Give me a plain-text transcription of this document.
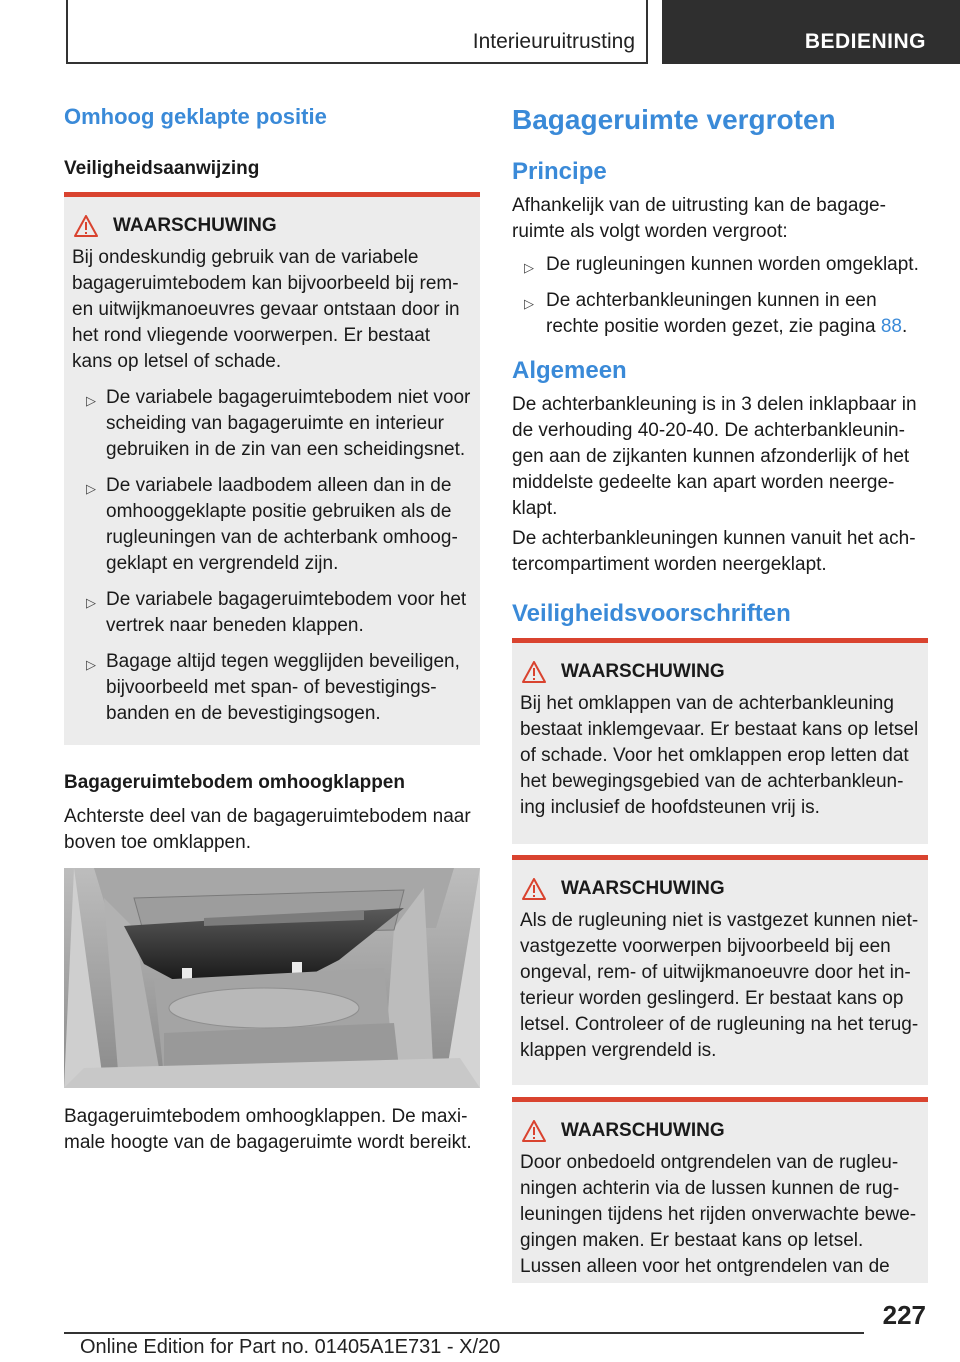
Interieuruitrusting	BEDIENING
Omhoog geklapte positie
Veiligheidsaanwijzing
WAARSCHUWING

Bij ondeskundig gebruik van de variabele bagageruimtebodem kan bijvoorbeeld bij rem- en uitwijkmanoeuvres gevaar ontstaan door in het rond vliegende voorwerpen. Er bestaat kans op letsel of schade.

▷ De variabele bagageruimtebodem niet voor scheiding van bagageruimte en interieur gebruiken in de zin van een scheidingsnet.
▷ De variabele laadbodem alleen dan in de omhooggeklapte positie gebruiken als de rugleuningen van de achterbank omhooggeklapt en vergrendeld zijn.
▷ De variabele bagageruimtebodem voor het vertrek naar beneden klappen.
▷ Bagage altijd tegen wegglijden beveiligen, bijvoorbeeld met span- of bevestigingsbanden en de bevestigingsogen.
Bagageruimtebodem omhoogklappen
Achterste deel van de bagageruimtebodem naar boven toe omklappen.
Bagageruimtebodem omhoogklappen. De maximale hoogte van de bagageruimte wordt bereikt.
Bagageruimte vergroten
Principe
Afhankelijk van de uitrusting kan de bagageruimte als volgt worden vergroot:
▷ De rugleuningen kunnen worden omgeklapt.
▷ De achterbankleuningen kunnen in een rechte positie worden gezet, zie pagina 88.
Algemeen
De achterbankleuning is in 3 delen inklapbaar in de verhouding 40-20-40. De achterbankleuningen aan de zijkanten kunnen afzonderlijk of het middelste gedeelte kan apart worden neergeklapt.
De achterbankleuningen kunnen vanuit het achtercompartiment worden neergeklapt.
Veiligheidsvoorschriften
WAARSCHUWING

Bij het omklappen van de achterbankleuning bestaat inklemgevaar. Er bestaat kans op letsel of schade. Voor het omklappen erop letten dat het bewegingsgebied van de achterbankleuning inclusief de hoofdsteunen vrij is.

WAARSCHUWING

Als de rugleuning niet is vastgezet kunnen niet-vastgezette voorwerpen bijvoorbeeld bij een ongeval, rem- of uitwijkmanoeuvre door het interieur worden geslingerd. Er bestaat kans op letsel. Controleer of de rugleuning na het terugklappen vergrendeld is.

WAARSCHUWING

Door onbedoeld ontgrendelen van de rugleuningen achterin via de lussen kunnen de rugleuningen tijdens het rijden onverwachte bewegingen maken. Er bestaat kans op letsel. Lussen alleen voor het ontgrendelen van de

227
Online Edition for Part no. 01405A1E731 - X/20
